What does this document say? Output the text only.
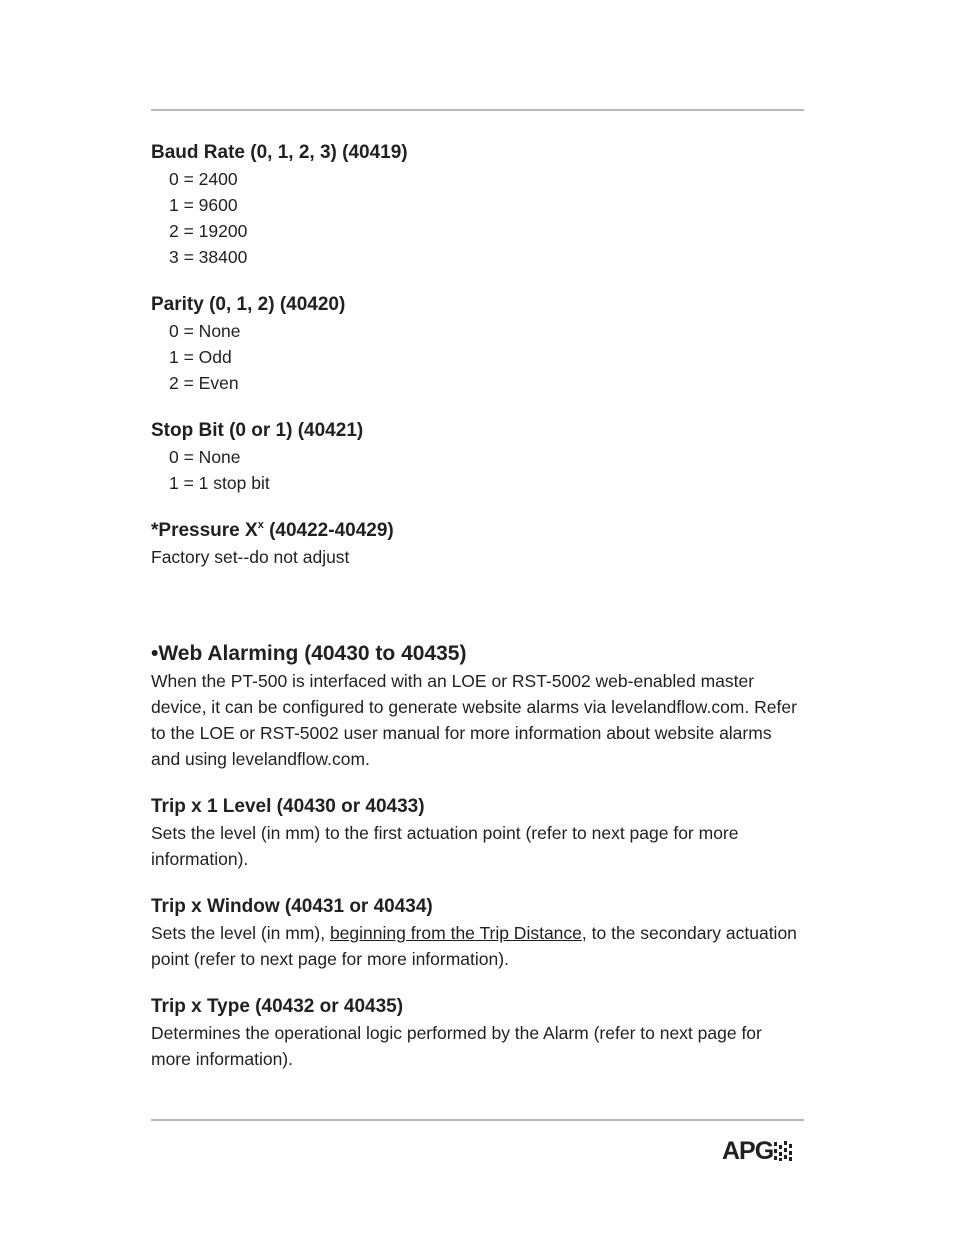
Baud Rate (0, 1, 2, 3) (40419)

0 = 2400

1 = 9600

2 = 19200

3 = 38400

Parity (0, 1, 2) (40420)

0 = None

1 = Odd

2 = Even

Stop Bit (0 or 1) (40421)

0 = None

1 = 1 stop bit

*Pressure $X^x$ (40422-40429)

Factory set--do not adjust

•Web Alarming (40430 to 40435)

When the PT-500 is interfaced with an LOE or RST-5002 web-enabled master device, it can be configured to generate website alarms via levelandflow.com. Refer to the LOE or RST-5002 user manual for more information about website alarms and using levelandflow.com.

Trip x 1 Level (40430 or 40433)

Sets the level (in mm) to the first actuation point (refer to next page for more information).

Trip x Window (40431 or 40434)

Sets the level (in mm), beginning from the Trip Distance, to the secondary actuation point (refer to next page for more information).

Trip x Type (40432 or 40435)

Determines the operational logic performed by the Alarm (refer to next page for more information).

APG
